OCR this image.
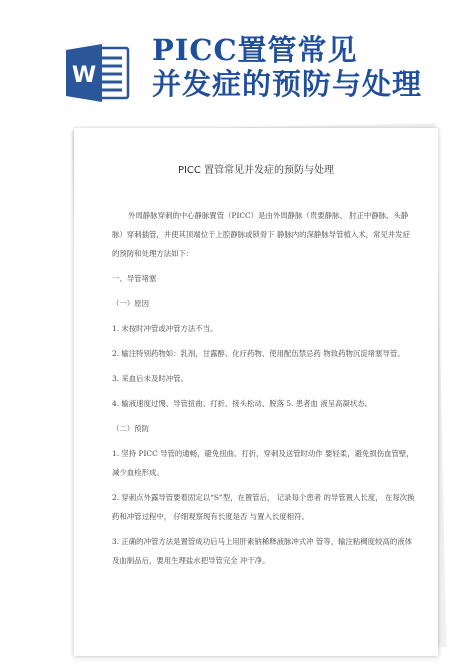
W
PICC置管常见
并发症的预防与处理
PICC 置管常见并发症的预防与处理

外周静脉穿刺的中心静脉置管（PICC）是由外周静脉（贵要静脉、 肘正中静脉、头静脉）穿刺插管，并使其顶端位于上腔静脉或锁骨下 静脉内的深静脉导管植入术，常见并发症的预防和处理方法如下：

一、导管堵塞

（一）原因

1. 未按时冲管或冲管方法不当。

2. 输注特别药物如：乳剂，甘露醇、化疗药物、使用配伍禁忌药 物致药物沉淀堵塞导管。

3. 采血后未及时冲管。

4. 输液速度过慢、导管扭曲、打折、接头松动、脱落 5. 患者血 液呈高凝状态。

（二）预防

1. 坚持 PICC 导管的通畅，避免扭曲、打折，穿刺及送管时动作 要轻柔，避免损伤血管壁， 减少血栓形成。

2. 穿刺点外露导管要着固定以“S”型，在置管后， 记录每个患者 的导管置入长度， 在每次换药和冲管过程中， 仔细观察现有长度是否 与置入长度相符。

3. 正确的冲管方法是置管成功后马上用肝素钠稀释液脉冲式冲 管等，输注粘稠度较高的液体及血制品后，要用生理盐水把导管完全 冲干净。
